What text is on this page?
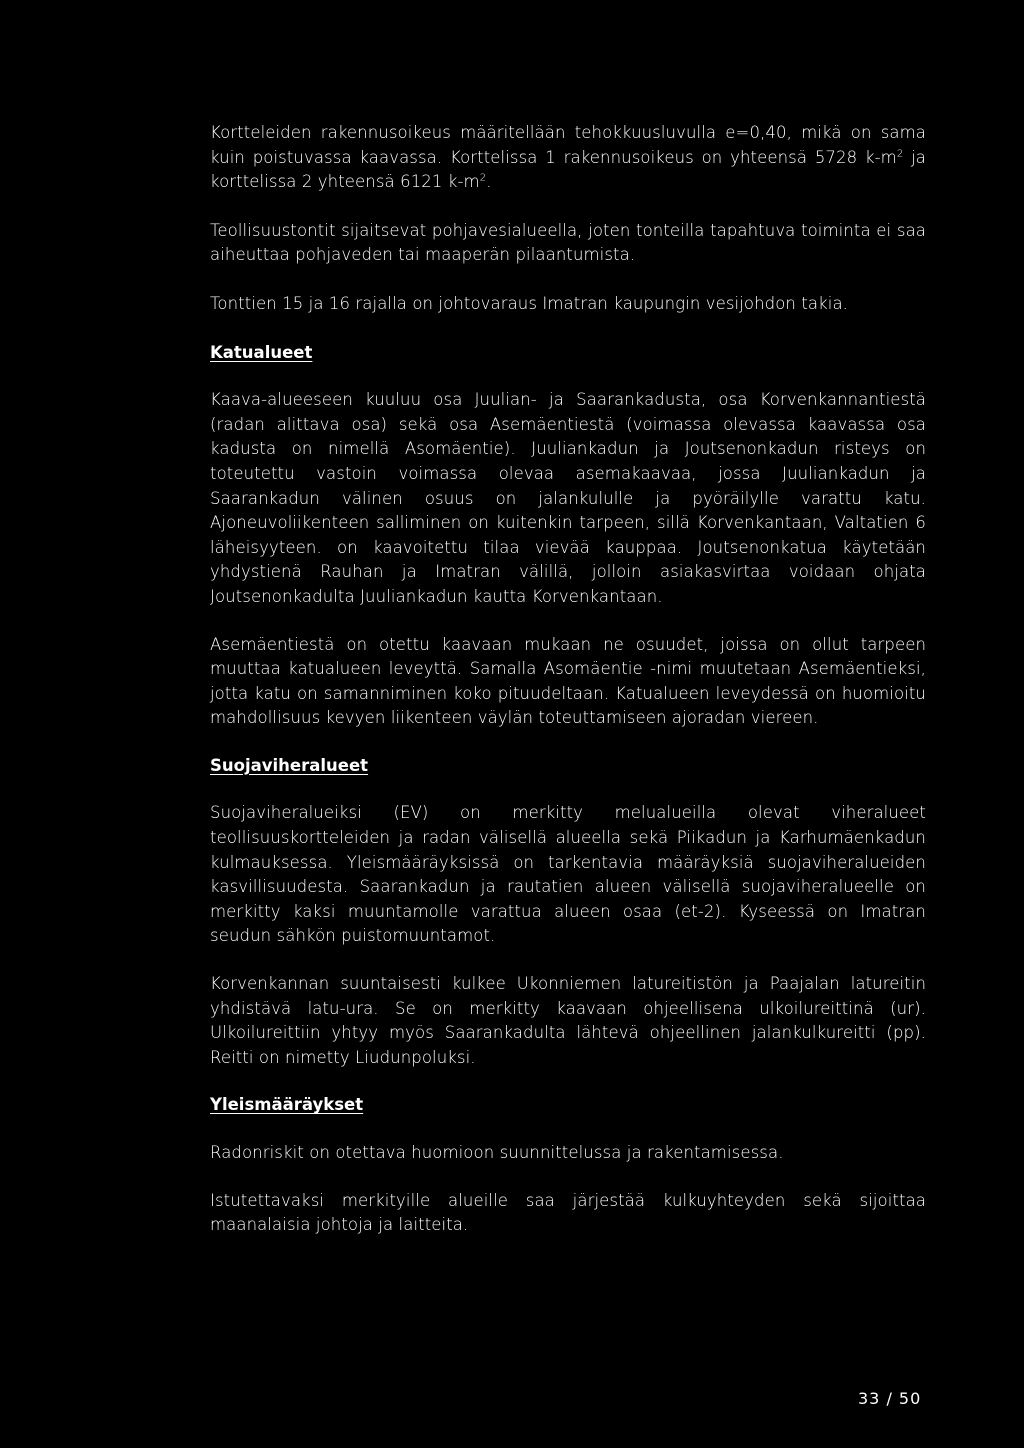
Kortteleiden rakennusoikeus määritellään tehokkuusluvulla e=0,40, mikä on sama kuin poistuvassa kaavassa. Korttelissa 1 rakennusoikeus on yhteensä 5728 $k-m^2$ ja korttelissa 2 yhteensä 6121 $k-m^2$.

Teollisuustontit sijaitsevat pohjavesialueella, joten tonteilla tapahtuva toiminta ei saa aiheuttaa pohjaveden tai maaperän pilaantumista.

Tonttien 15 ja 16 rajalla on johtovaraus Imatran kaupungin vesijohdon takia.

Katualueet

Kaava-alueeseen kuuluu osa Juulian- ja Saarankadusta, osa Korvenkannantiestä (radan alittava osa) sekä osa Asemäentiestä (voimassa olevassa kaavassa osa kadusta on nimellä Asomäentie). Juuliankadun ja Joutsenonkadun risteys on toteutettu vastoin voimassa olevaa asemakaavaa, jossa Juuliankadun ja Saarankadun välinen osuus on jalankululle ja pyöräilylle varattu katu. Ajoneuvoliikenteen salliminen on kuitenkin tarpeen, sillä Korvenkantaan, Valtatien 6 läheisyyteen. on kaavoitettu tilaa vievää kauppaa. Joutsenonkatua käytetään yhdystienä Rauhan ja Imatran välillä, jolloin asiakasvirtaa voidaan ohjata Joutsenonkadulta Juuliankadun kautta Korvenkantaan.

Asemäentiestä on otettu kaavaan mukaan ne osuudet, joissa on ollut tarpeen muuttaa katualueen leveyttä. Samalla Asomäentie -nimi muutetaan Asemäentieksi, jotta katu on samanniminen koko pituudeltaan. Katualueen leveydessä on huomioitu mahdollisuus kevyen liikenteen väylän toteuttamiseen ajoradan viereen.

Suojaviheralueet

Suojaviheralueiksi (EV) on merkitty melualueilla olevat viheralueet teollisuuskortteleiden ja radan välisellä alueella sekä Piikadun ja Karhumäenkadun kulmauksessa. Yleismääräyksissä on tarkentavia määräyksiä suojaviheralueiden kasvillisuudesta. Saarankadun ja rautatien alueen välisellä suojaviheralueelle on merkitty kaksi muuntamolle varattua alueen osaa (et-2). Kyseessä on Imatran seudun sähkön puistomuuntamot.

Korvenkannan suuntaisesti kulkee Ukonniemen latureitistön ja Paajalan latureitin yhdistävä latu-ura. Se on merkitty kaavaan ohjeellisena ulkoilureittinä (ur). Ulkoilureittiin yhtyy myös Saarankadulta lähtevä ohjeellinen jalankulkureitti (pp). Reitti on nimetty Liudunpoluksi.

Yleismääräykset

Radonriskit on otettava huomioon suunnittelussa ja rakentamisessa.

Istutettavaksi merkityille alueille saa järjestää kulkuyhteyden sekä sijoittaa maanalaisia johtoja ja laitteita.

33 / 50
